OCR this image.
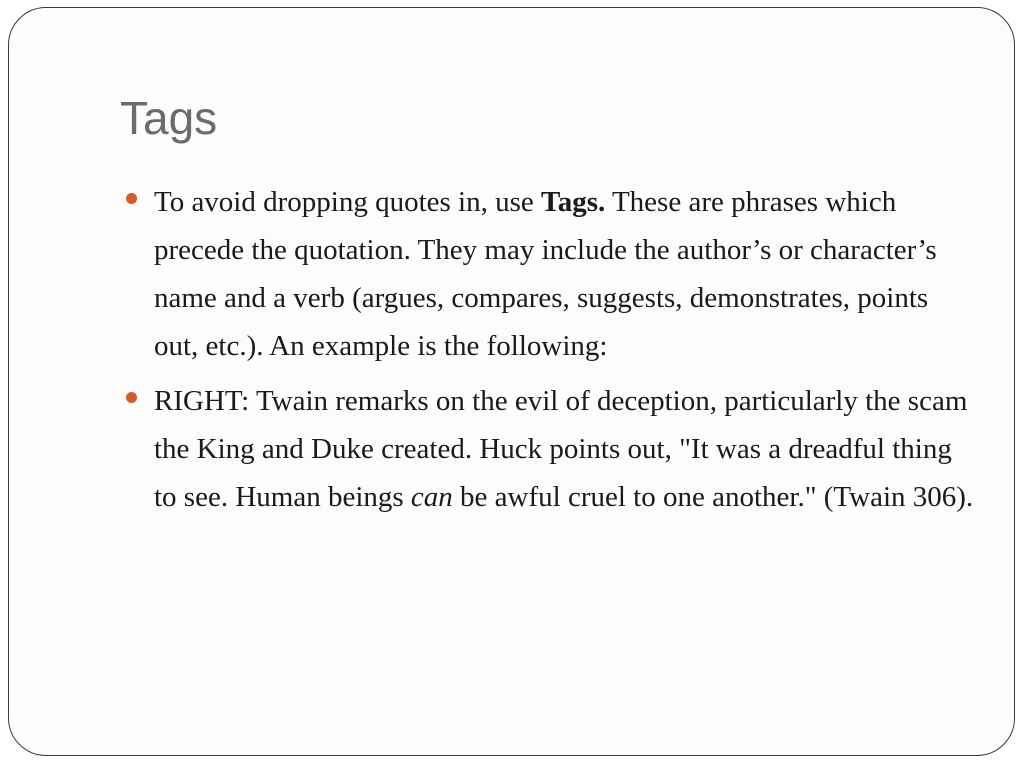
Tags
To avoid dropping quotes in, use Tags. These are phrases which precede the quotation. They may include the author’s or character’s name and a verb (argues, compares, suggests, demonstrates, points out, etc.). An example is the following:
RIGHT: Twain remarks on the evil of deception, particularly the scam the King and Duke created. Huck points out, "It was a dreadful thing to see. Human beings can be awful cruel to one another." (Twain 306).
